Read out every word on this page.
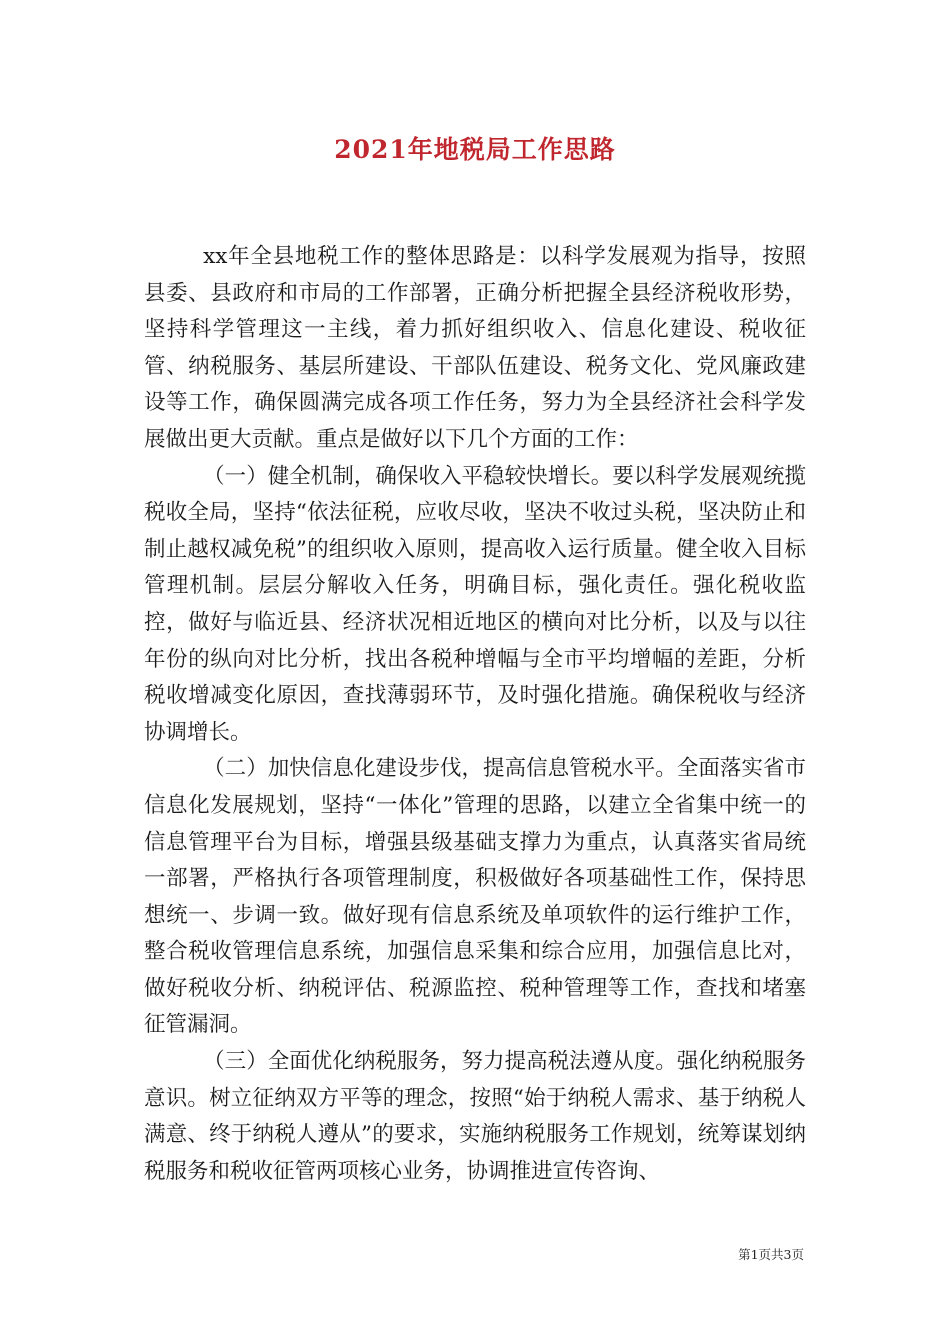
2021年地税局工作思路

xx年全县地税工作的整体思路是：以科学发展观为指导，按照县委、县政府和市局的工作部署，正确分析把握全县经济税收形势，坚持科学管理这一主线，着力抓好组织收入、信息化建设、税收征管、纳税服务、基层所建设、干部队伍建设、税务文化、党风廉政建设等工作，确保圆满完成各项工作任务，努力为全县经济社会科学发展做出更大贡献。重点是做好以下几个方面的工作：

（一）健全机制，确保收入平稳较快增长。要以科学发展观统揽税收全局，坚持“依法征税，应收尽收，坚决不收过头税，坚决防止和制止越权减免税”的组织收入原则，提高收入运行质量。健全收入目标管理机制。层层分解收入任务，明确目标，强化责任。强化税收监控，做好与临近县、经济状况相近地区的横向对比分析，以及与以往年份的纵向对比分析，找出各税种增幅与全市平均增幅的差距，分析税收增减变化原因，查找薄弱环节，及时强化措施。确保税收与经济协调增长。

（二）加快信息化建设步伐，提高信息管税水平。全面落实省市信息化发展规划，坚持“一体化”管理的思路，以建立全省集中统一的信息管理平台为目标，增强县级基础支撑力为重点，认真落实省局统一部署，严格执行各项管理制度，积极做好各项基础性工作，保持思想统一、步调一致。做好现有信息系统及单项软件的运行维护工作，整合税收管理信息系统，加强信息采集和综合应用，加强信息比对，做好税收分析、纳税评估、税源监控、税种管理等工作，查找和堵塞征管漏洞。

（三）全面优化纳税服务，努力提高税法遵从度。强化纳税服务意识。树立征纳双方平等的理念，按照“始于纳税人需求、基于纳税人满意、终于纳税人遵从”的要求，实施纳税服务工作规划，统筹谋划纳税服务和税收征管两项核心业务，协调推进宣传咨询、

第1页共3页
